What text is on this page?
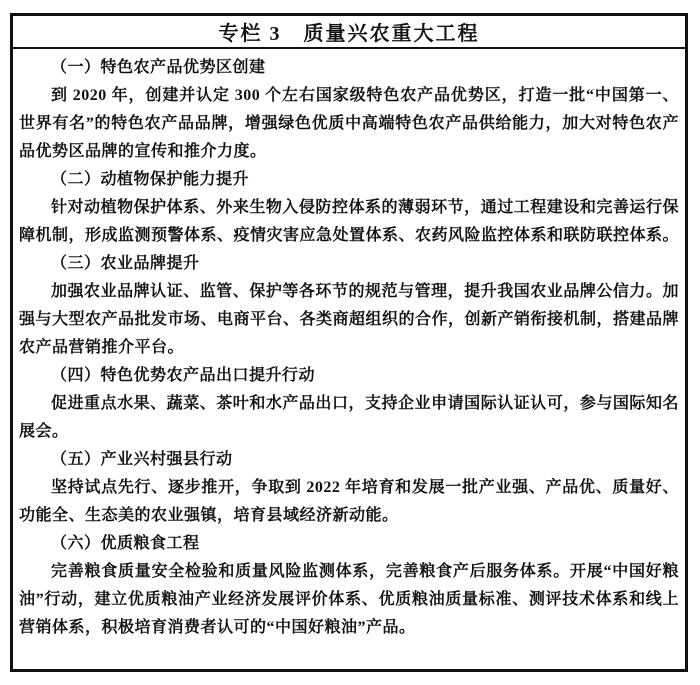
专栏 3　质量兴农重大工程

（一）特色农产品优势区创建

到 2020 年，创建并认定 300 个左右国家级特色农产品优势区，打造一批“中国第一、世界有名”的特色农产品品牌，增强绿色优质中高端特色农产品供给能力，加大对特色农产品优势区品牌的宣传和推介力度。

（二）动植物保护能力提升

针对动植物保护体系、外来生物入侵防控体系的薄弱环节，通过工程建设和完善运行保障机制，形成监测预警体系、疫情灾害应急处置体系、农药风险监控体系和联防联控体系。

（三）农业品牌提升

加强农业品牌认证、监管、保护等各环节的规范与管理，提升我国农业品牌公信力。加强与大型农产品批发市场、电商平台、各类商超组织的合作，创新产销衔接机制，搭建品牌农产品营销推介平台。

（四）特色优势农产品出口提升行动

促进重点水果、蔬菜、茶叶和水产品出口，支持企业申请国际认证认可，参与国际知名展会。

（五）产业兴村强县行动

坚持试点先行、逐步推开，争取到 2022 年培育和发展一批产业强、产品优、质量好、功能全、生态美的农业强镇，培育县域经济新动能。

（六）优质粮食工程

完善粮食质量安全检验和质量风险监测体系，完善粮食产后服务体系。开展“中国好粮油”行动，建立优质粮油产业经济发展评价体系、优质粮油质量标准、测评技术体系和线上营销体系，积极培育消费者认可的“中国好粮油”产品。
